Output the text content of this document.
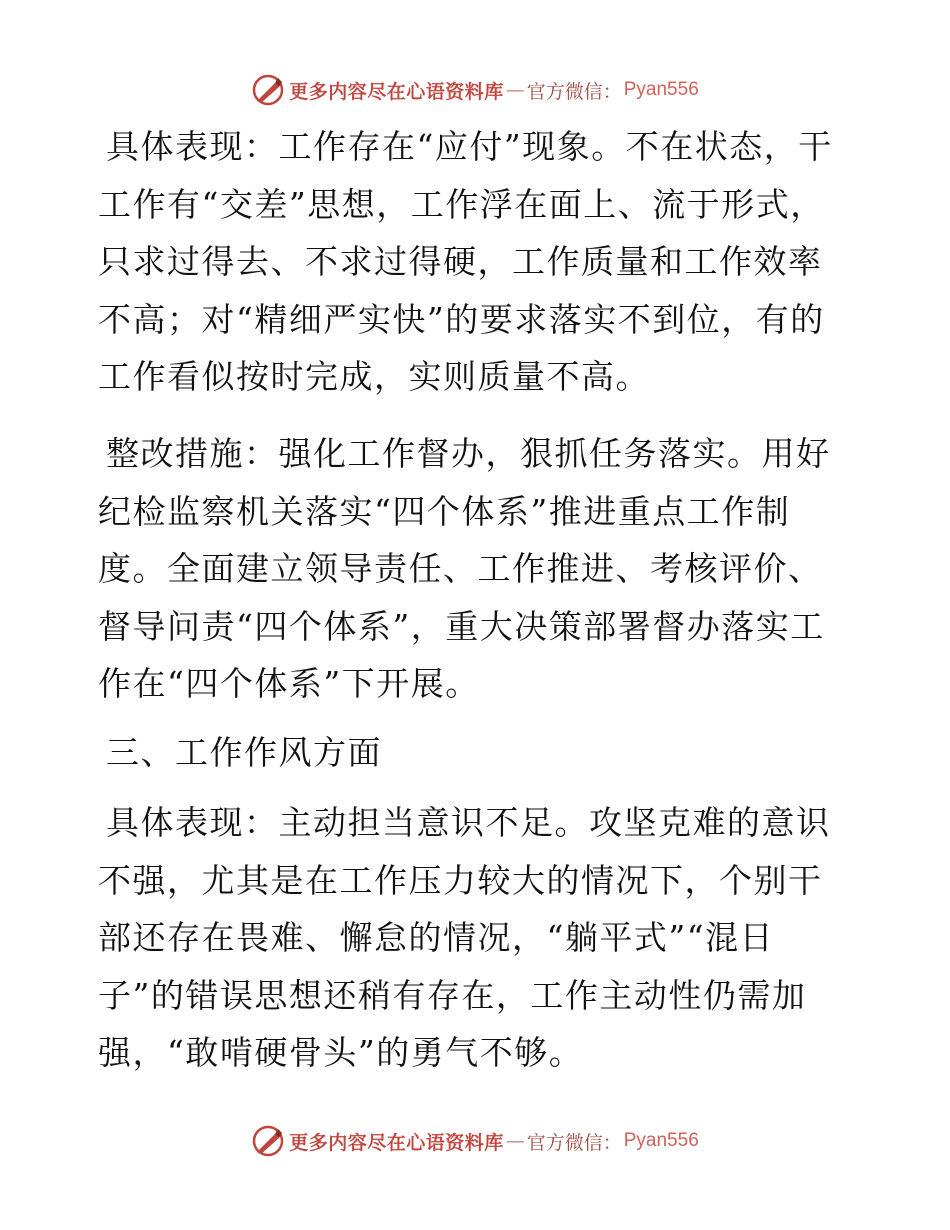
更多内容尽在心语资料库 — 官方微信： Pyan556

具体表现：工作存在“应付”现象。不在状态，干工作有“交差”思想，工作浮在面上、流于形式，只求过得去、不求过得硬，工作质量和工作效率不高；对“精细严实快”的要求落实不到位，有的工作看似按时完成，实则质量不高。

整改措施：强化工作督办，狠抓任务落实。用好纪检监察机关落实“四个体系”推进重点工作制度。全面建立领导责任、工作推进、考核评价、督导问责“四个体系”，重大决策部署督办落实工作在“四个体系”下开展。

三、工作作风方面

具体表现：主动担当意识不足。攻坚克难的意识不强，尤其是在工作压力较大的情况下，个别干部还存在畏难、懈怠的情况，“躺平式”“混日子”的错误思想还稍有存在，工作主动性仍需加强，“敢啃硬骨头”的勇气不够。

更多内容尽在心语资料库 — 官方微信： Pyan556
